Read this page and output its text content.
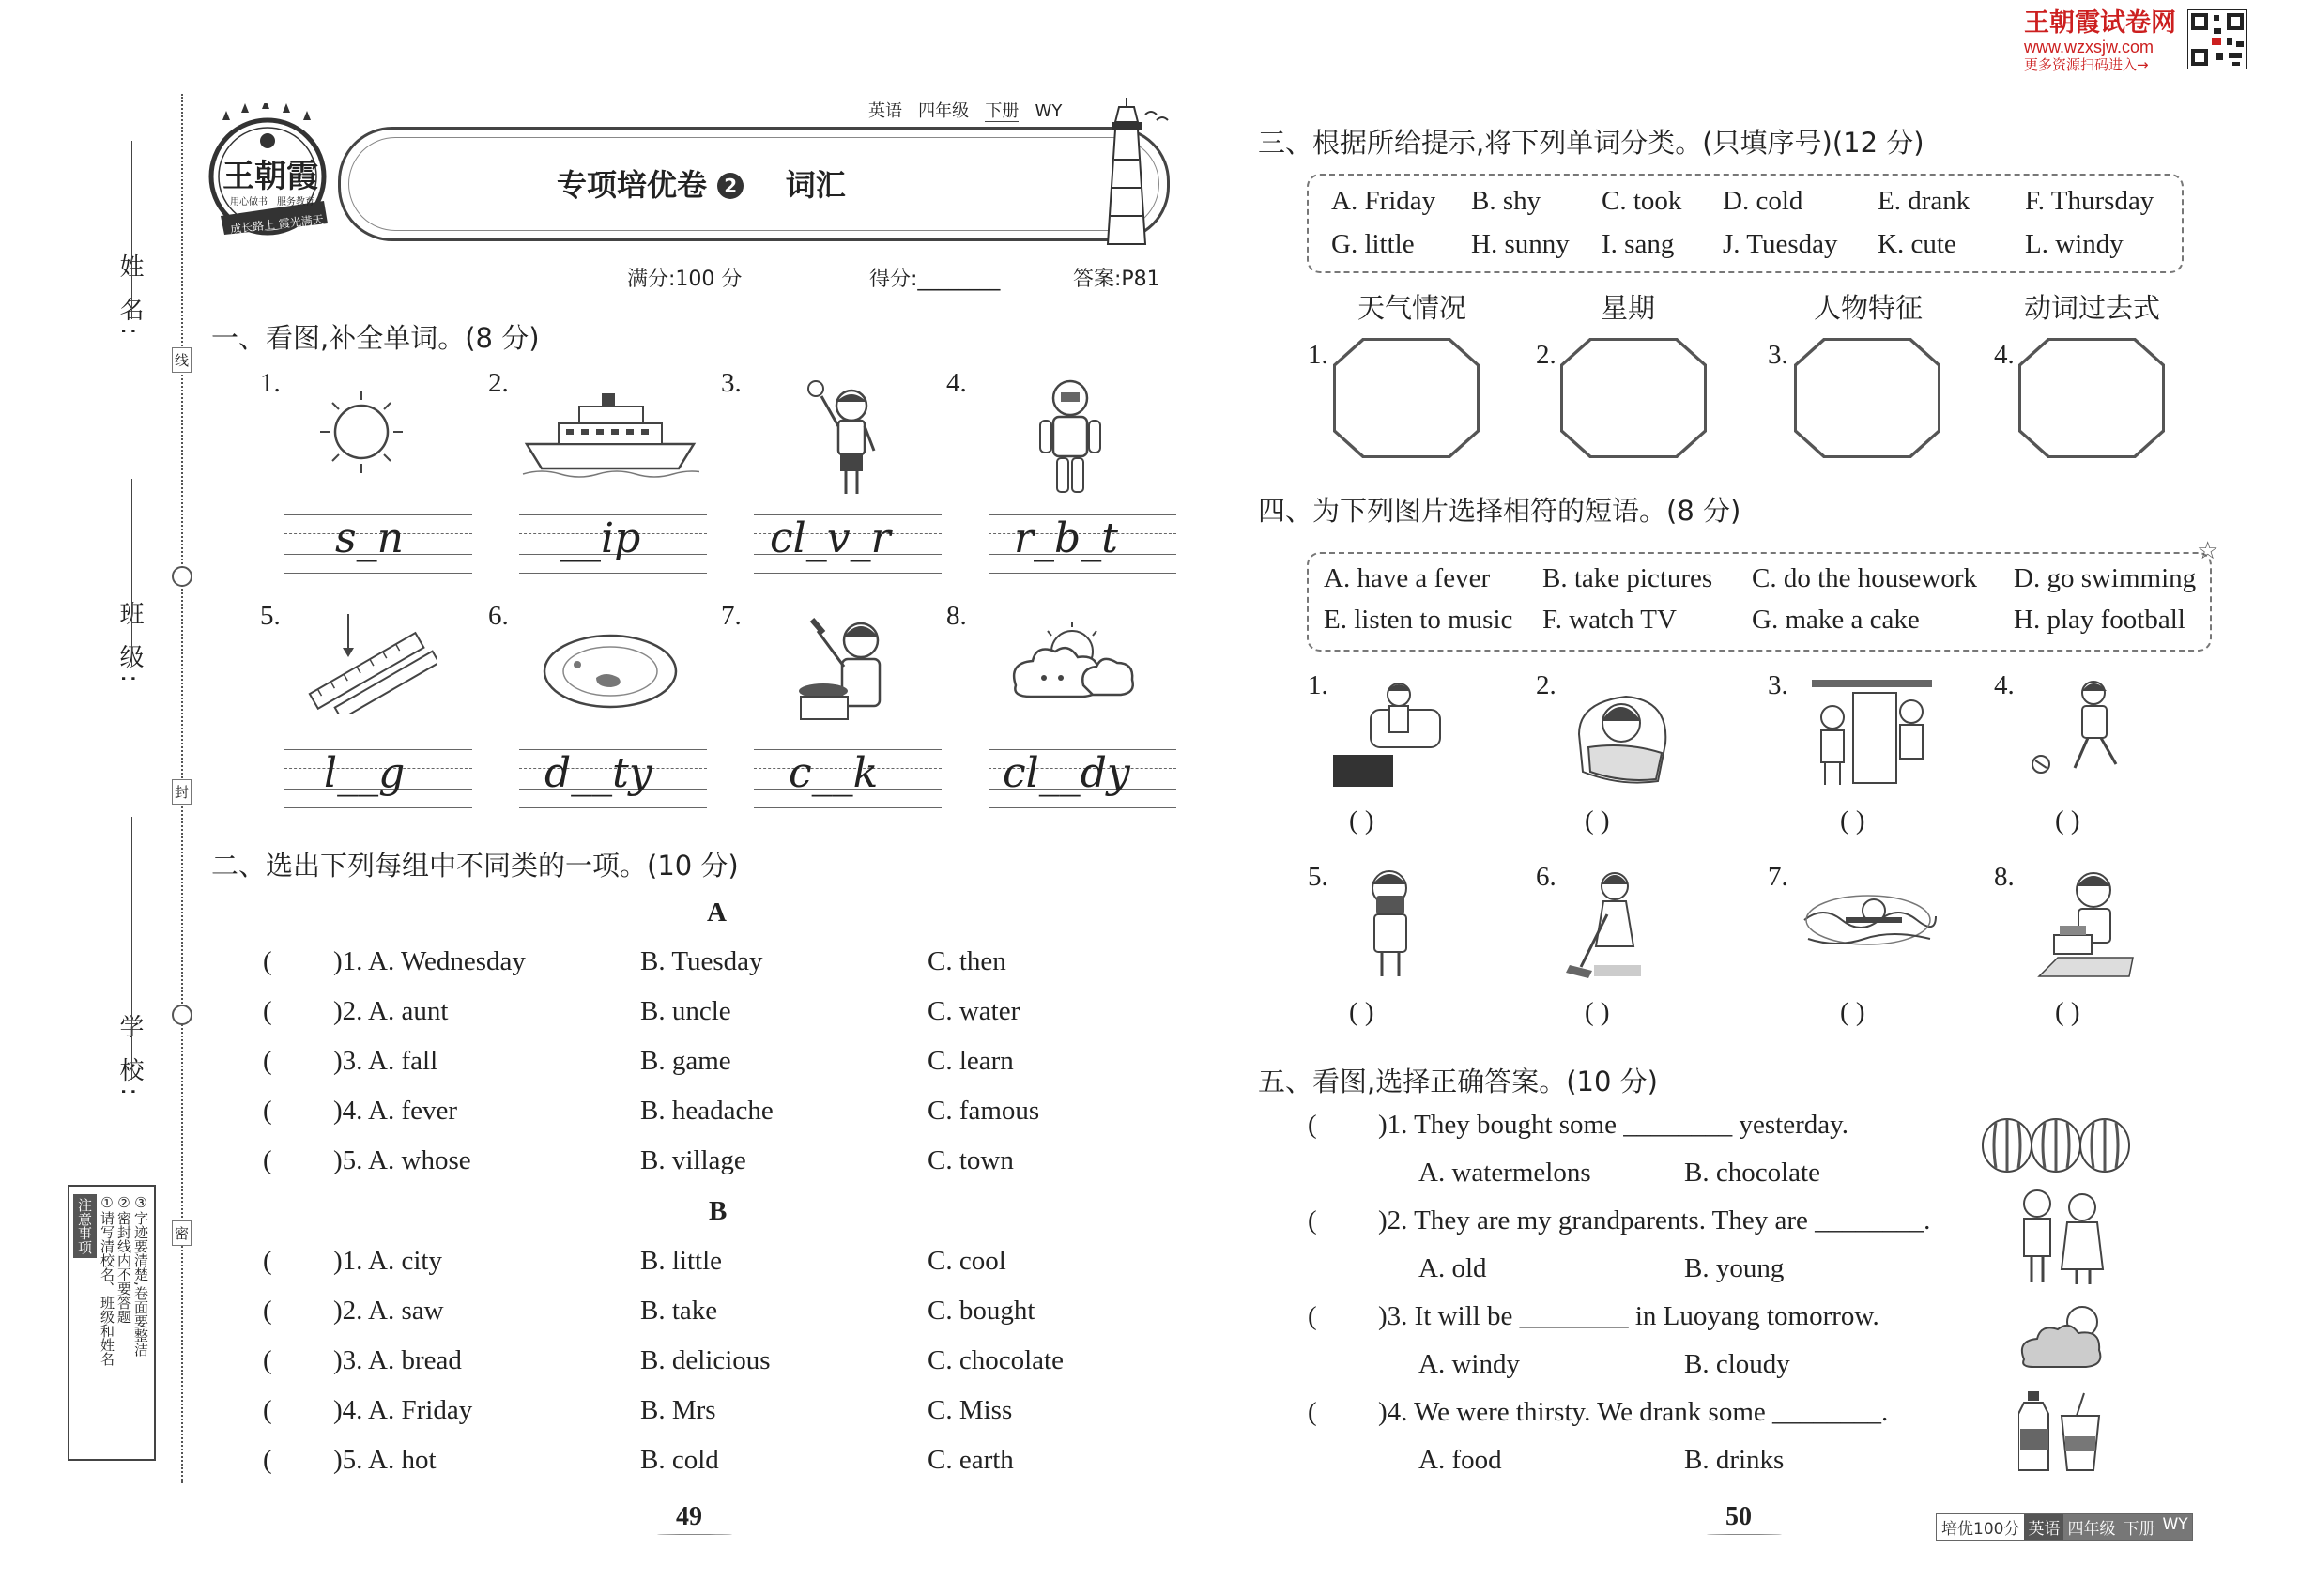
王朝霞试卷网
www.wzxsjw.com
更多资源扫码进入→
姓 名:
班 级:
学 校:
线
封
密
注意事项 ①请写清校名、班级和姓名 ②密封线内不要答题 ③字迹要清楚,卷面要整洁
王朝霞
用心做书 服务教育
成长路上 霞光满天
英语 四年级 下册 WY
专项培优卷 2 词汇
满分:100 分	得分:________	答案:P81
一、看图,补全单词。(8 分)
1.	2.	3.	4.
s_n	__ip	cl_v_r	r_b_t
5.	6.	7.	8.
l__g	d__ty	c__k	cl__dy
二、选出下列每组中不同类的一项。(10 分)
A
( )1. A. Wednesday	B. Tuesday	C. then
( )2. A. aunt	B. uncle	C. water
( )3. A. fall	B. game	C. learn
( )4. A. fever	B. headache	C. famous
( )5. A. whose	B. village	C. town
B
( )1. A. city	B. little	C. cool
( )2. A. saw	B. take	C. bought
( )3. A. bread	B. delicious	C. chocolate
( )4. A. Friday	B. Mrs	C. Miss
( )5. A. hot	B. cold	C. earth
49
三、根据所给提示,将下列单词分类。(只填序号)(12 分)
A. Friday B. shy C. took D. cold	E. drank F. Thursday
G. little H. sunny I. sang J. Tuesday K. cute	L. windy
天气情况	星期	人物特征	动词过去式
1.	2.	3.	4.
四、为下列图片选择相符的短语。(8 分)
☆
A. have a fever B. take pictures C. do the housework D. go swimming
E. listen to music F. watch TV	G. make a cake	H. play football
1.
( )
2.
( )
3.
( )
4.
( )
5.
( )
6.
( )
7.
( )
8.
( )
五、看图,选择正确答案。(10 分)
( )1. They bought some ________ yesterday.
A. watermelons	B. chocolate
( )2. They are my grandparents. They are ________.
A. old	B. young
( )3. It will be ________ in Luoyang tomorrow.
A. windy	B. cloudy
( )4. We were thirsty. We drank some ________.
A. food	B. drinks
50	培优100分 英语 四年级 下册 WY
